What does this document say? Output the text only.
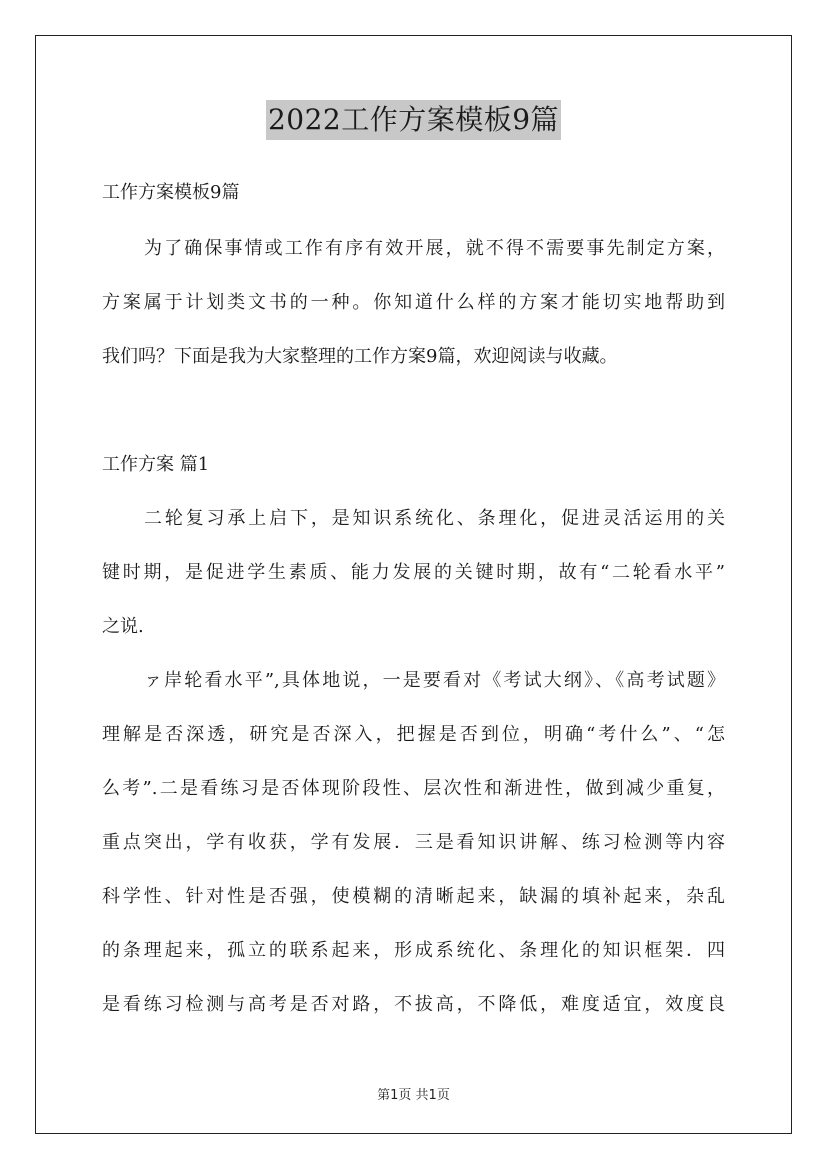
2022工作方案模板9篇
工作方案模板9篇
为了确保事情或工作有序有效开展，就不得不需要事先制定方案，
方案属于计划类文书的一种。你知道什么样的方案才能切实地帮助到
我们吗？下面是我为大家整理的工作方案9篇，欢迎阅读与收藏。
工作方案 篇1
二轮复习承上启下，是知识系统化、条理化，促进灵活运用的关
键时期，是促进学生素质、能力发展的关键时期，故有“二轮看水平”
之说.
ァ岸轮看水平”,具体地说，一是要看对《考试大纲》、《高考试题》
理解是否深透，研究是否深入，把握是否到位，明确“考什么”、“怎
么考”.二是看练习是否体现阶段性、层次性和渐进性，做到减少重复，
重点突出，学有收获，学有发展．三是看知识讲解、练习检测等内容
科学性、针对性是否强，使模糊的清晰起来，缺漏的填补起来，杂乱
的条理起来，孤立的联系起来，形成系统化、条理化的知识框架．四
是看练习检测与高考是否对路，不拔高，不降低，难度适宜，效度良
第1页 共1页
